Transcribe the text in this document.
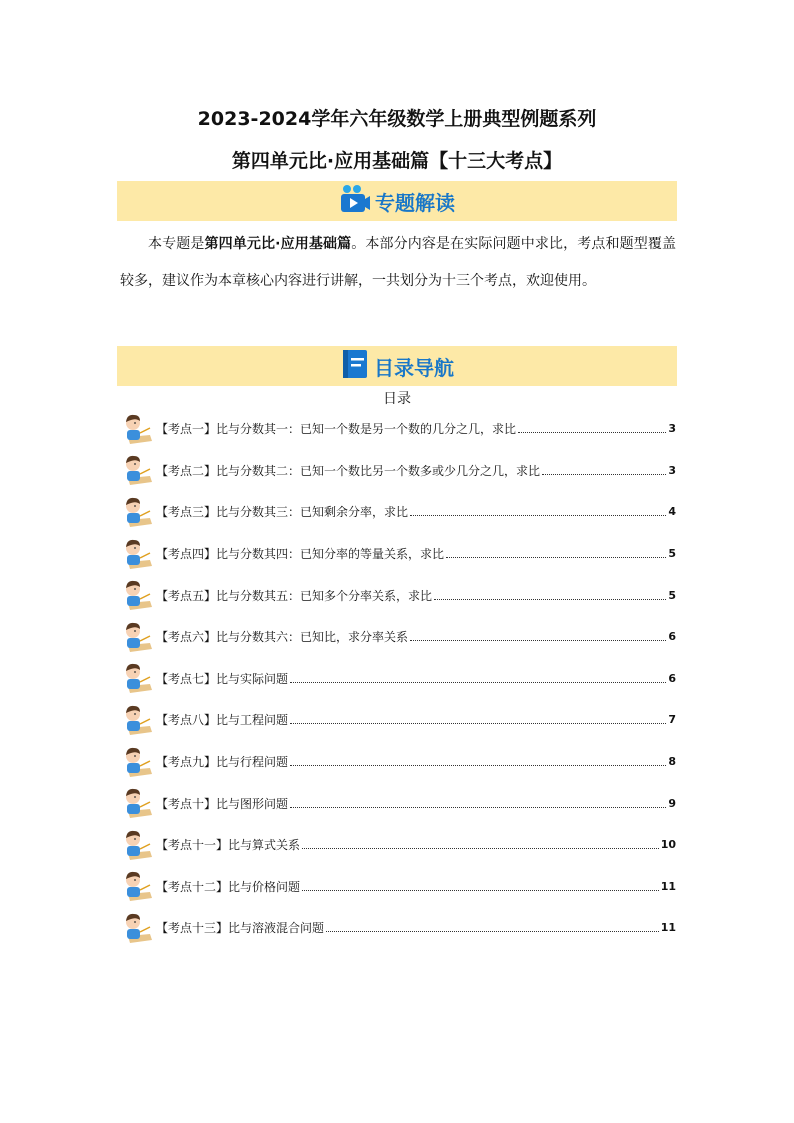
2023-2024学年六年级数学上册典型例题系列
第四单元比·应用基础篇【十三大考点】
专题解读
本专题是第四单元比·应用基础篇。本部分内容是在实际问题中求比，考点和题型覆盖较多，建议作为本章核心内容进行讲解，一共划分为十三个考点，欢迎使用。
目录导航
日录
【考点一】比与分数其一：已知一个数是另一个数的几分之几，求比	3
【考点二】比与分数其二：已知一个数比另一个数多或少几分之几，求比	3
【考点三】比与分数其三：已知剩余分率，求比	4
【考点四】比与分数其四：已知分率的等量关系，求比	5
【考点五】比与分数其五：已知多个分率关系，求比	5
【考点六】比与分数其六：已知比，求分率关系	6
【考点七】比与实际问题	6
【考点八】比与工程问题	7
【考点九】比与行程问题	8
【考点十】比与图形问题	9
【考点十一】比与算式关系	10
【考点十二】比与价格问题	11
【考点十三】比与溶液混合问题	11
